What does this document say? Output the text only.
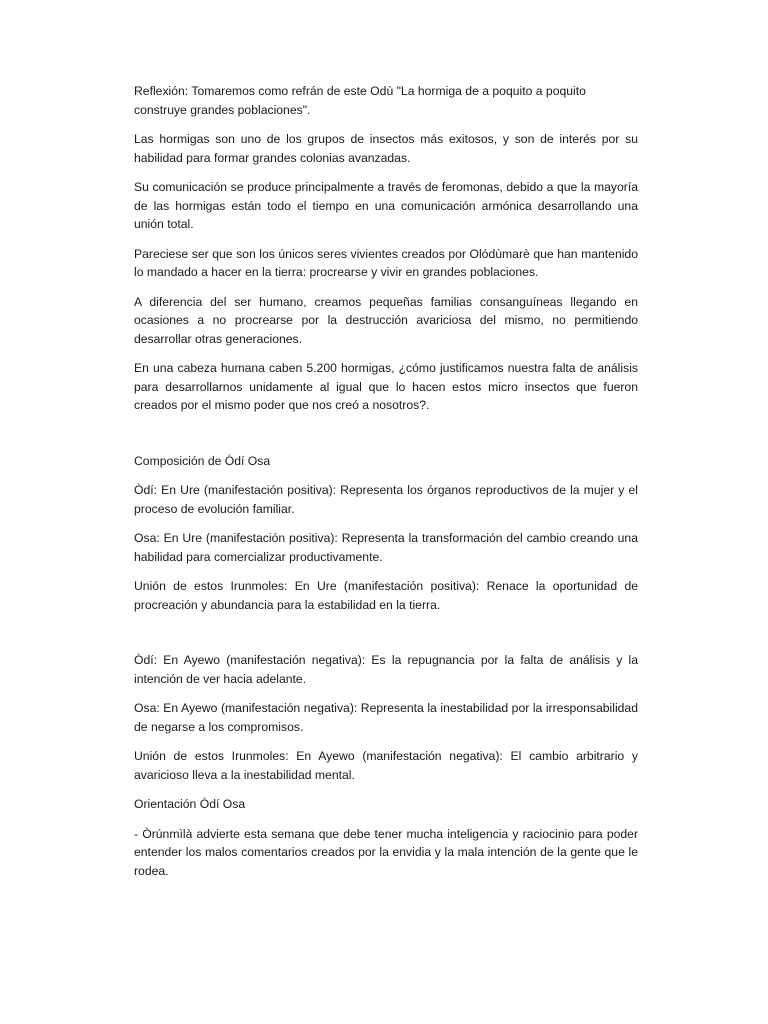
Reflexión: Tomaremos como refrán de este Odù "La hormiga de a poquito a poquito construye grandes poblaciones".

Las hormigas son uno de los grupos de insectos más exitosos, y son de interés por su habilidad para formar grandes colonias avanzadas.

Su comunicación se produce principalmente a través de feromonas, debido a que la mayoría de las hormigas están todo el tiempo en una comunicación armónica desarrollando una unión total.

Pareciese ser que son los únicos seres vivientes creados por Olódùmarè que han mantenido lo mandado a hacer en la tierra: procrearse y vivir en grandes poblaciones.

A diferencia del ser humano, creamos pequeñas familias consanguíneas llegando en ocasiones a no procrearse por la destrucción avariciosa del mismo, no permitiendo desarrollar otras generaciones.

En una cabeza humana caben 5.200 hormigas, ¿cómo justificamos nuestra falta de análisis para desarrollarnos unidamente al igual que lo hacen estos micro insectos que fueron creados por el mismo poder que nos creó a nosotros?.

Composición de Òdí Osa

Òdí: En Ure (manifestación positiva): Representa los órganos reproductivos de la mujer y el proceso de evolución familiar.

Osa: En Ure (manifestación positiva): Representa la transformación del cambio creando una habilidad para comercializar productivamente.

Unión de estos Irunmoles: En Ure (manifestación positiva): Renace la oportunidad de procreación y abundancia para la estabilidad en la tierra.

Òdí: En Ayewo (manifestación negativa): Es la repugnancia por la falta de análisis y la intención de ver hacia adelante.

Osa: En Ayewo (manifestación negativa): Representa la inestabilidad por la irresponsabilidad de negarse a los compromisos.

Unión de estos Irunmoles: En Ayewo (manifestación negativa): El cambio arbitrario y avaricioso lleva a la inestabilidad mental.

Orientación Òdí Osa

- Òrúnmìlà advierte esta semana que debe tener mucha inteligencia y raciocinio para poder entender los malos comentarios creados por la envidia y la mala intención de la gente que le rodea.
